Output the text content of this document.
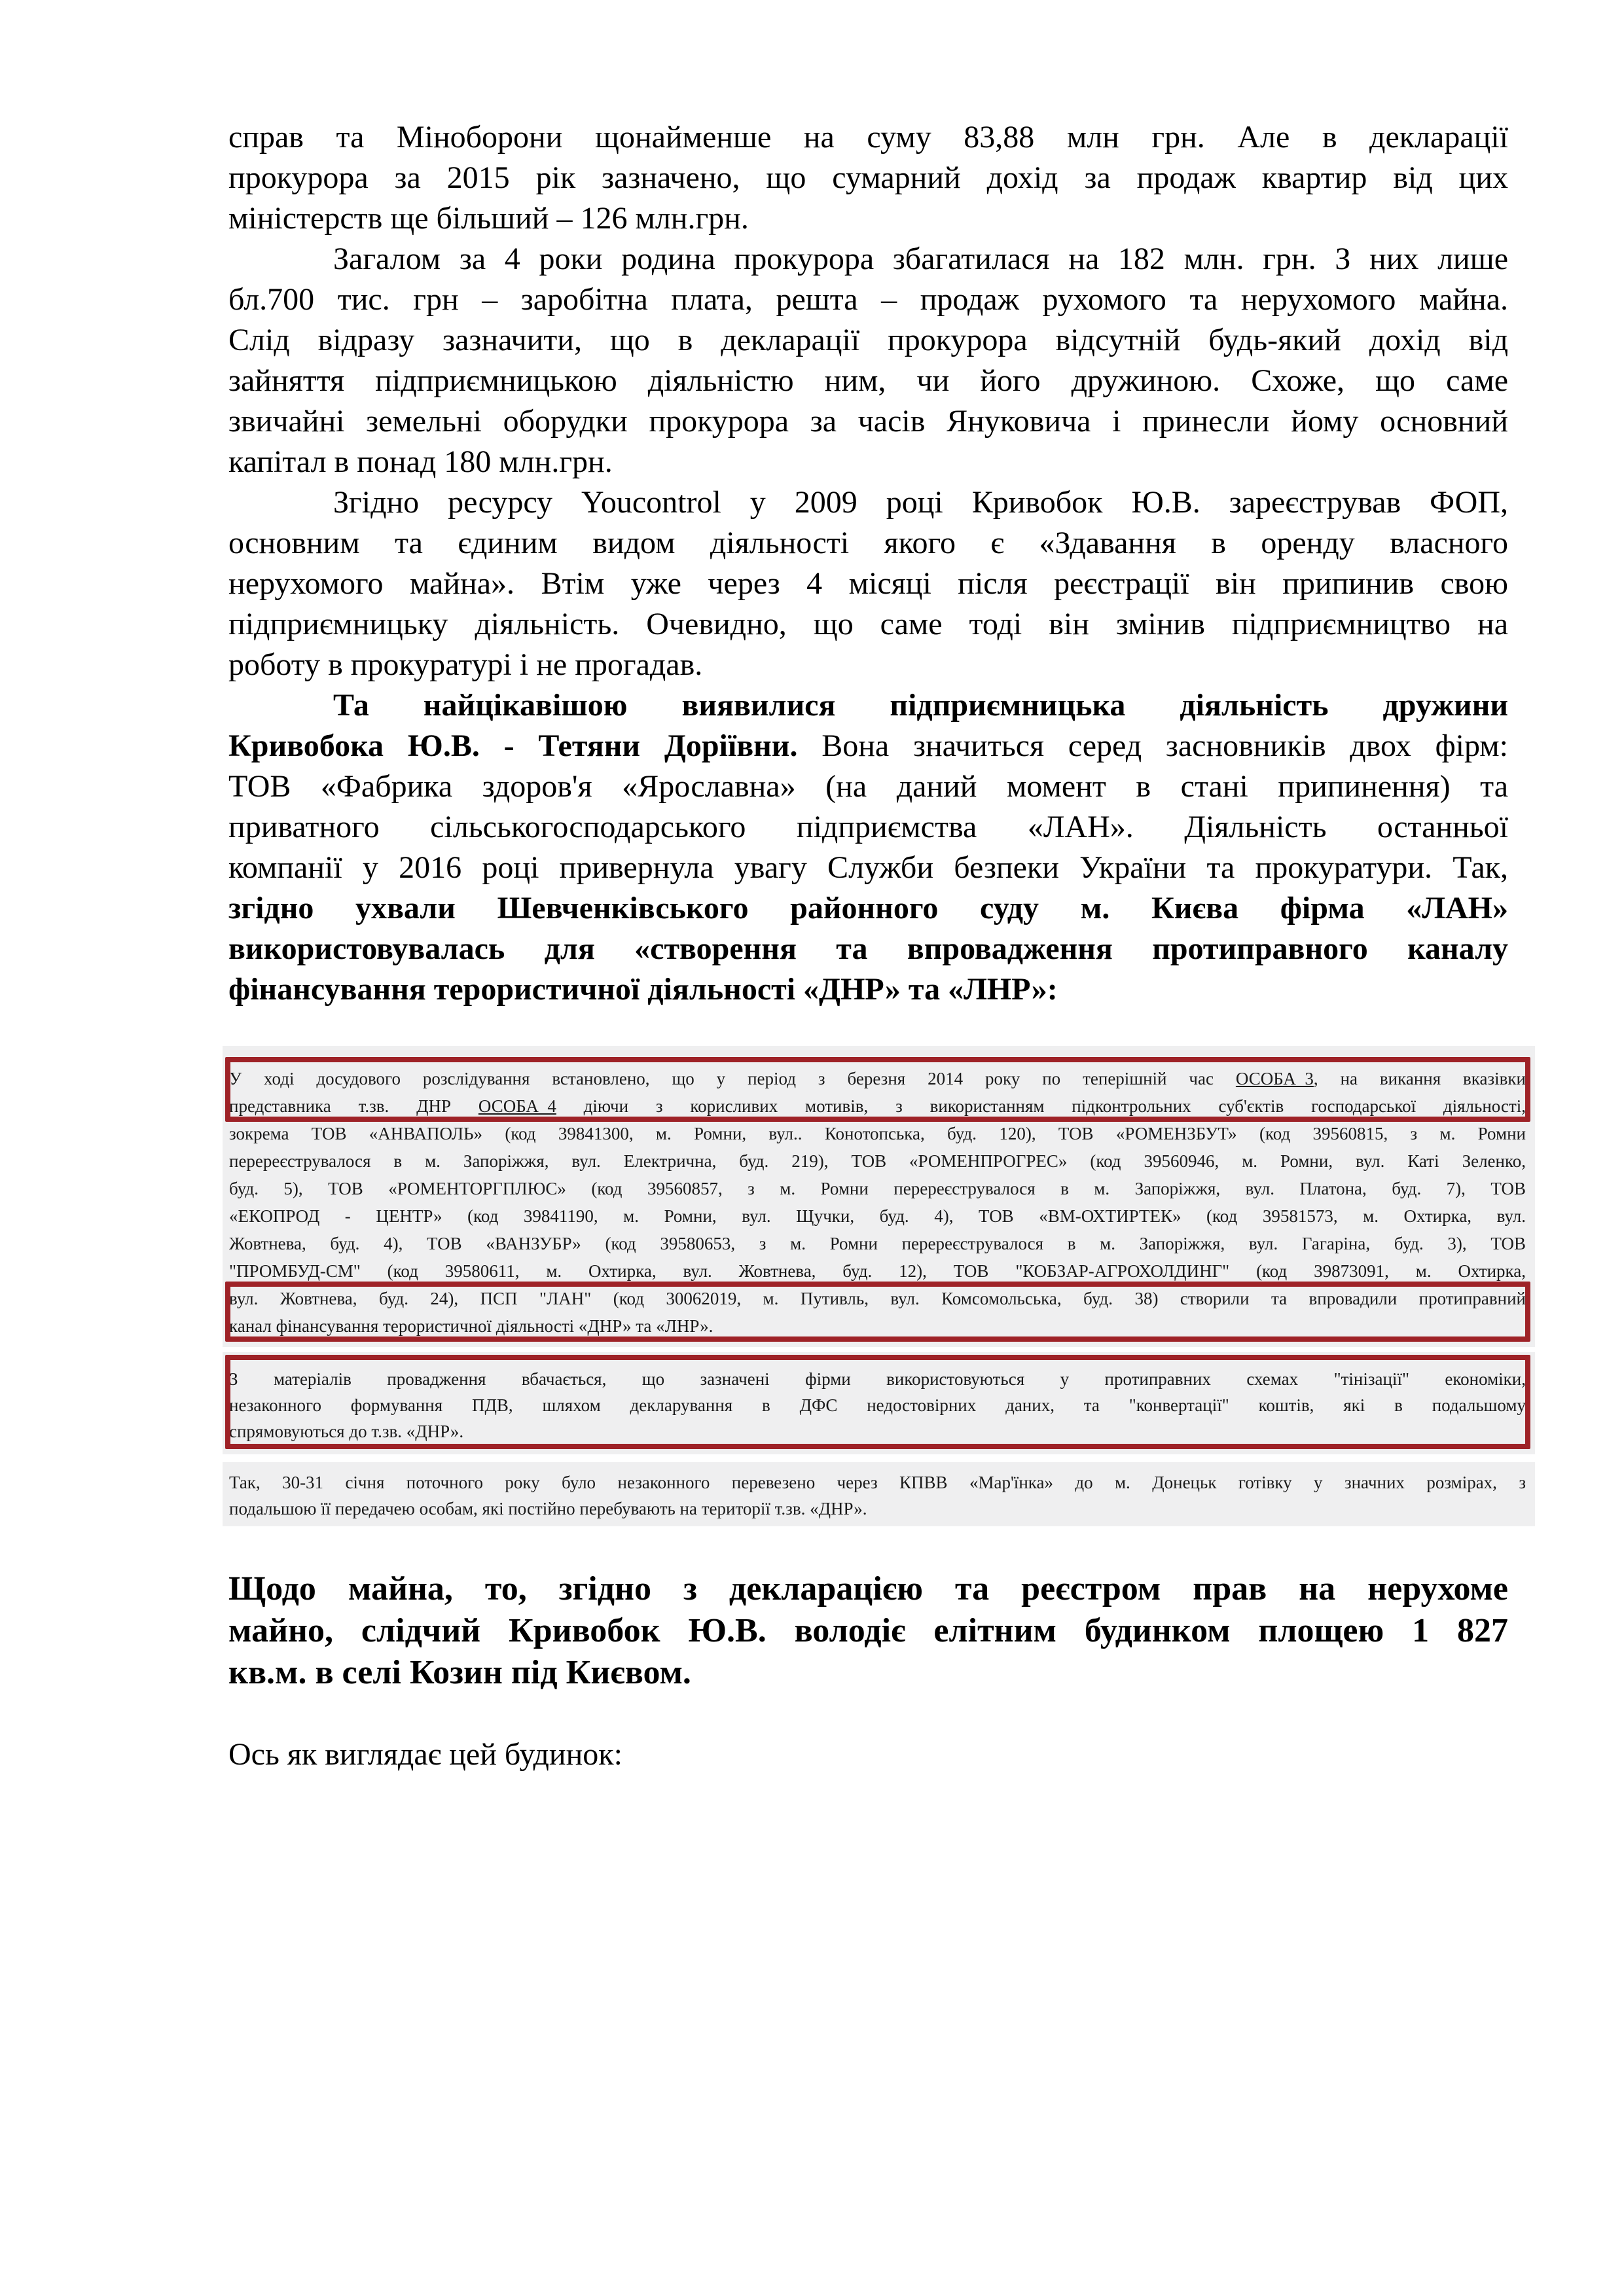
справ та Міноборони щонайменше на суму 83,88 млн грн. Але в декларації
прокурора за 2015 рік зазначено, що сумарний дохід за продаж квартир від цих
міністерств ще більший – 126 млн.грн.
Загалом за 4 роки родина прокурора збагатилася на 182 млн. грн. З них лише
бл.700 тис. грн – заробітна плата, решта – продаж рухомого та нерухомого майна.
Слід відразу зазначити, що в декларації прокурора відсутній будь-який дохід від
зайняття підприємницькою діяльністю ним, чи його дружиною. Схоже, що саме
звичайні земельні оборудки прокурора за часів Януковича і принесли йому основний
капітал в понад 180 млн.грн.
Згідно ресурсу Youcontrol у 2009 році Кривобок Ю.В. зареєстрував ФОП,
основним та єдиним видом діяльності якого є «Здавання в оренду власного
нерухомого майна». Втім уже через 4 місяці після реєстрації він припинив свою
підприємницьку діяльність. Очевидно, що саме тоді він змінив підприємництво на
роботу в прокуратурі і не прогадав.
Та найцікавішою виявилися підприємницька діяльність дружини
Кривобока Ю.В. - Тетяни Доріївни. Вона значиться серед засновників двох фірм:
ТОВ «Фабрика здоров'я «Ярославна» (на даний момент в стані припинення) та
приватного сільськогосподарського підприємства «ЛАН». Діяльність останньої
компанії у 2016 році привернула увагу Служби безпеки України та прокуратури. Так,
згідно ухвали Шевченківського районного суду м. Києва фірма «ЛАН»
використовувалась для «створення та впровадження протиправного каналу
фінансування терористичної діяльності «ДНР» та «ЛНР»:
У ході досудового розслідування встановлено, що у період з березня 2014 року по теперішній час ОСОБА_3, на викання вказівки
представника т.зв. ДНР ОСОБА_4 діючи з корисливих мотивів, з використанням підконтрольних суб'єктів господарської діяльності,
зокрема ТОВ «АНВАПОЛЬ» (код 39841300, м. Ромни, вул.. Конотопська, буд. 120), ТОВ «РОМЕНЗБУТ» (код 39560815, з м. Ромни
перереєструвалося в м. Запоріжжя, вул. Електрична, буд. 219), ТОВ «РОМЕНПРОГРЕС» (код 39560946, м. Ромни, вул. Каті Зеленко,
буд. 5), ТОВ «РОМЕНТОРГПЛЮС» (код 39560857, з м. Ромни перереєструвалося в м. Запоріжжя, вул. Платона, буд. 7), ТОВ
«ЕКОПРОД - ЦЕНТР» (код 39841190, м. Ромни, вул. Щучки, буд. 4), ТОВ «ВМ-ОХТИРТЕК» (код 39581573, м. Охтирка, вул.
Жовтнева, буд. 4), ТОВ «ВАНЗУБР» (код 39580653, з м. Ромни перереєструвалося в м. Запоріжжя, вул. Гагаріна, буд. 3), ТОВ
"ПРОМБУД-СМ" (код 39580611, м. Охтирка, вул. Жовтнева, буд. 12), ТОВ "КОБЗАР-АГРОХОЛДИНГ" (код 39873091, м. Охтирка,
вул. Жовтнева, буд. 24), ПСП "ЛАН" (код 30062019, м. Путивль, вул. Комсомольська, буд. 38) створили та впровадили протиправний
канал фінансування терористичної діяльності «ДНР» та «ЛНР».
З матеріалів провадження вбачається, що зазначені фірми використовуються у протиправних схемах "тінізації" економіки,
незаконного формування ПДВ, шляхом декларування в ДФС недостовірних даних, та "конвертації" коштів, які в подальшому
спрямовуються до т.зв. «ДНР».
Так, 30-31 січня поточного року було незаконного перевезено через КПВВ «Мар'їнка» до м. Донецьк готівку у значних розмірах, з
подальшою її передачею особам, які постійно перебувають на території т.зв. «ДНР».
Щодо майна, то, згідно з декларацією та реєстром прав на нерухоме
майно, слідчий Кривобок Ю.В. володіє елітним будинком площею 1 827
кв.м. в селі Козин під Києвом.
Ось як виглядає цей будинок:
